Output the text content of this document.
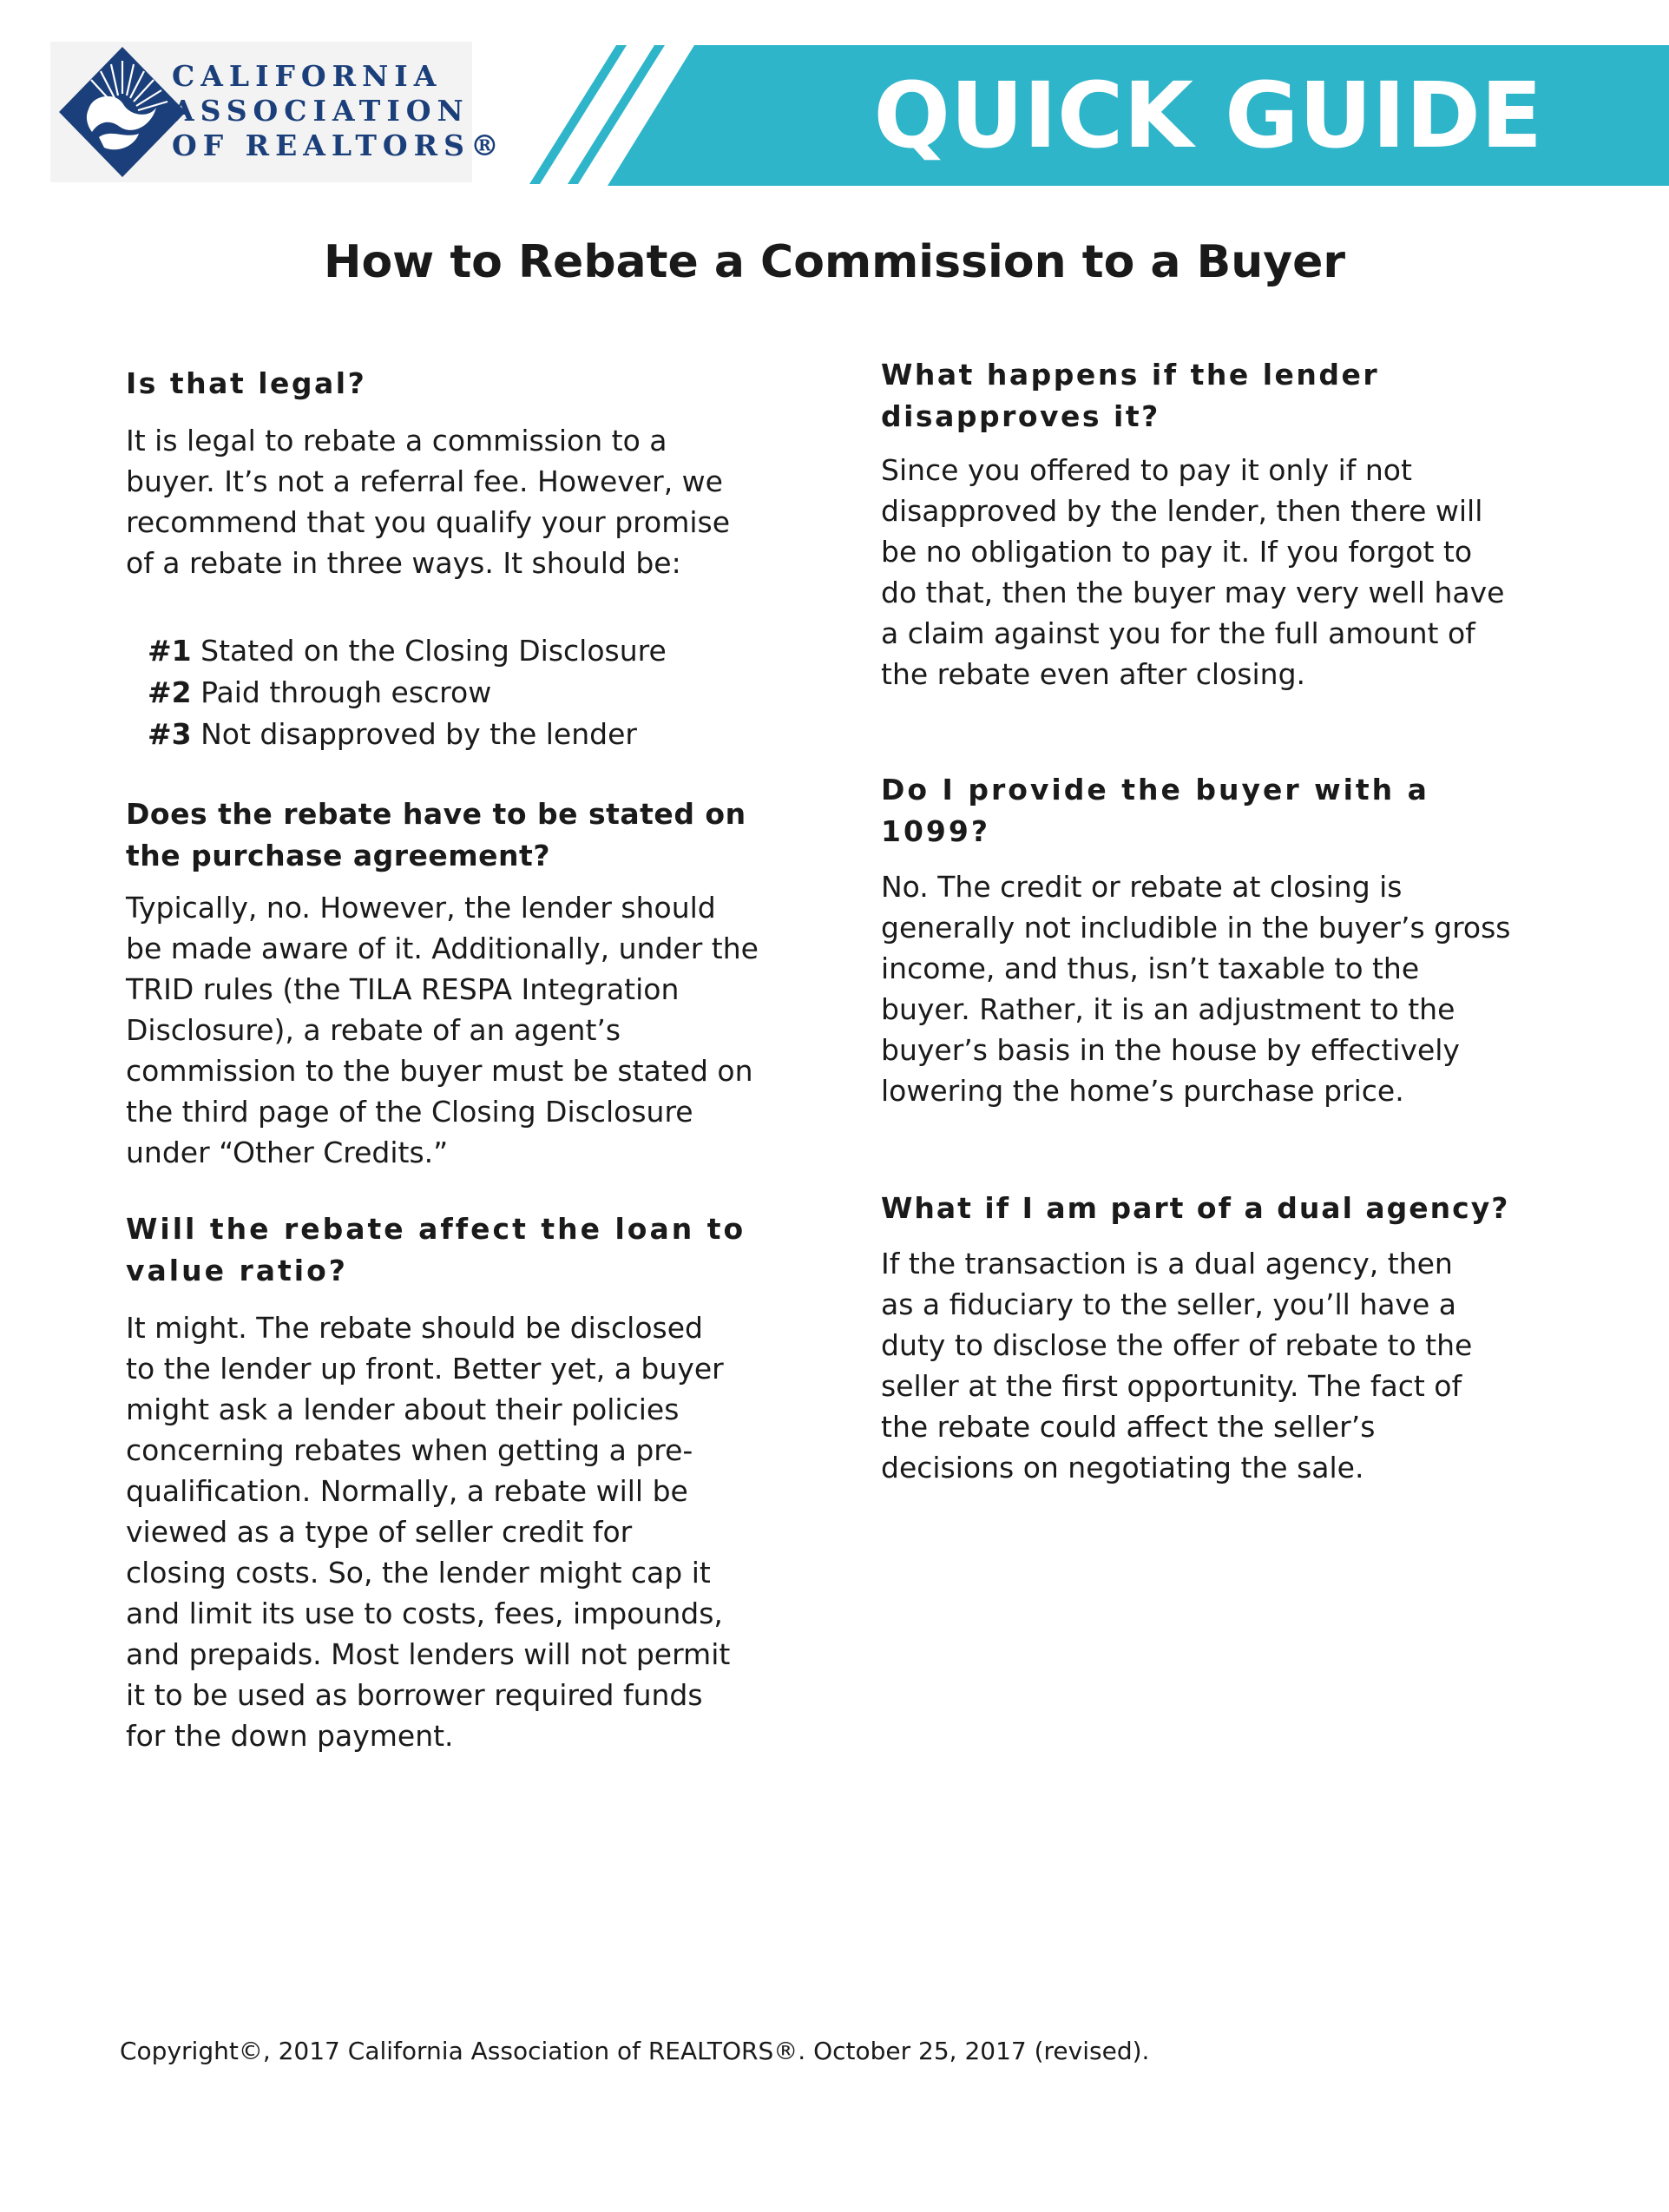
CALIFORNIA
ASSOCIATION
OF REALTORS®	QUICK GUIDE
How to Rebate a Commission to a Buyer
Is that legal?

It is legal to rebate a commission to a buyer. It’s not a referral fee. However, we recommend that you qualify your promise of a rebate in three ways. It should be:

#1 Stated on the Closing Disclosure
#2 Paid through escrow
#3 Not disapproved by the lender
Does the rebate have to be stated on the purchase agreement?

Typically, no. However, the lender should be made aware of it. Additionally, under the TRID rules (the TILA RESPA Integration Disclosure), a rebate of an agent’s commission to the buyer must be stated on the third page of the Closing Disclosure under “Other Credits.”

Will the rebate affect the loan to value ratio?

It might. The rebate should be disclosed to the lender up front. Better yet, a buyer might ask a lender about their policies concerning rebates when getting a pre-qualification. Normally, a rebate will be viewed as a type of seller credit for closing costs. So, the lender might cap it and limit its use to costs, fees, impounds, and prepaids. Most lenders will not permit it to be used as borrower required funds for the down payment.

What happens if the lender disapproves it?

Since you offered to pay it only if not disapproved by the lender, then there will be no obligation to pay it. If you forgot to do that, then the buyer may very well have a claim against you for the full amount of the rebate even after closing.

Do I provide the buyer with a 1099?

No. The credit or rebate at closing is generally not includible in the buyer’s gross income, and thus, isn’t taxable to the buyer. Rather, it is an adjustment to the buyer’s basis in the house by effectively lowering the home’s purchase price.

What if I am part of a dual agency?

If the transaction is a dual agency, then as a fiduciary to the seller, you’ll have a duty to disclose the offer of rebate to the seller at the first opportunity. The fact of the rebate could affect the seller’s decisions on negotiating the sale.

Copyright©, 2017 California Association of REALTORS®. October 25, 2017 (revised).
